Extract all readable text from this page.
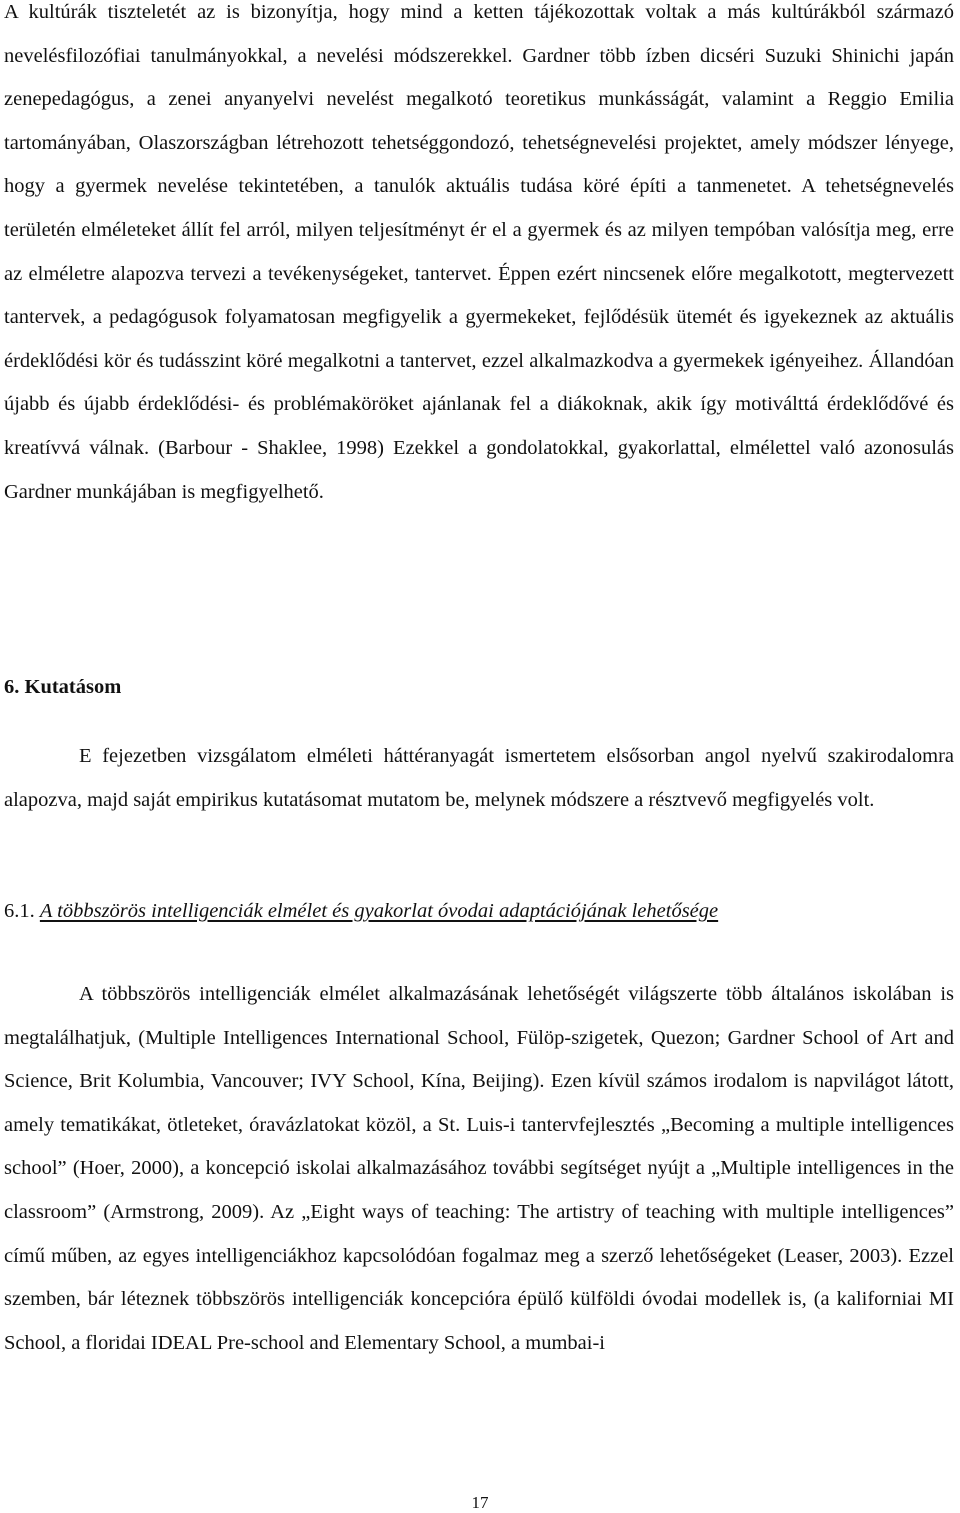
A kultúrák tiszteletét az is bizonyítja, hogy mind a ketten tájékozottak voltak a más kultúrákból származó nevelésfilozófiai tanulmányokkal, a nevelési módszerekkel. Gardner több ízben dicséri Suzuki Shinichi japán zenepedagógus, a zenei anyanyelvi nevelést megalkotó teoretikus munkásságát, valamint a Reggio Emilia tartományában, Olaszországban létrehozott tehetséggondozó, tehetségnevelési projektet, amely módszer lényege, hogy a gyermek nevelése tekintetében, a tanulók aktuális tudása köré építi a tanmenetet. A tehetségnevelés területén elméleteket állít fel arról, milyen teljesítményt ér el a gyermek és az milyen tempóban valósítja meg, erre az elméletre alapozva tervezi a tevékenységeket, tantervet. Éppen ezért nincsenek előre megalkotott, megtervezett tantervek, a pedagógusok folyamatosan megfigyelik a gyermekeket, fejlődésük ütemét és igyekeznek az aktuális érdeklődési kör és tudásszint köré megalkotni a tantervet, ezzel alkalmazkodva a gyermekek igényeihez. Állandóan újabb és újabb érdeklődési- és problémaköröket ajánlanak fel a diákoknak, akik így motiválttá érdeklődővé és kreatívvá válnak. (Barbour - Shaklee, 1998) Ezekkel a gondolatokkal, gyakorlattal, elmélettel való azonosulás Gardner munkájában is megfigyelhető.

6. Kutatásom

E fejezetben vizsgálatom elméleti háttéranyagát ismertetem elsősorban angol nyelvű szakirodalomra alapozva, majd saját empirikus kutatásomat mutatom be, melynek módszere a résztvevő megfigyelés volt.

6.1. A többszörös intelligenciák elmélet és gyakorlat óvodai adaptációjának lehetősége

A többszörös intelligenciák elmélet alkalmazásának lehetőségét világszerte több általános iskolában is megtalálhatjuk, (Multiple Intelligences International School, Fülöp-szigetek, Quezon; Gardner School of Art and Science, Brit Kolumbia, Vancouver; IVY School, Kína, Beijing). Ezen kívül számos irodalom is napvilágot látott, amely tematikákat, ötleteket, óravázlatokat közöl, a St. Luis-i tantervfejlesztés „Becoming a multiple intelligences school” (Hoer, 2000), a koncepció iskolai alkalmazásához további segítséget nyújt a „Multiple intelligences in the classroom” (Armstrong, 2009). Az „Eight ways of teaching: The artistry of teaching with multiple intelligences” című műben, az egyes intelligenciákhoz kapcsolódóan fogalmaz meg a szerző lehetőségeket (Leaser, 2003). Ezzel szemben, bár léteznek többszörös intelligenciák koncepcióra épülő külföldi óvodai modellek is, (a kaliforniai MI School, a floridai IDEAL Pre-school and Elementary School, a mumbai-i

17
